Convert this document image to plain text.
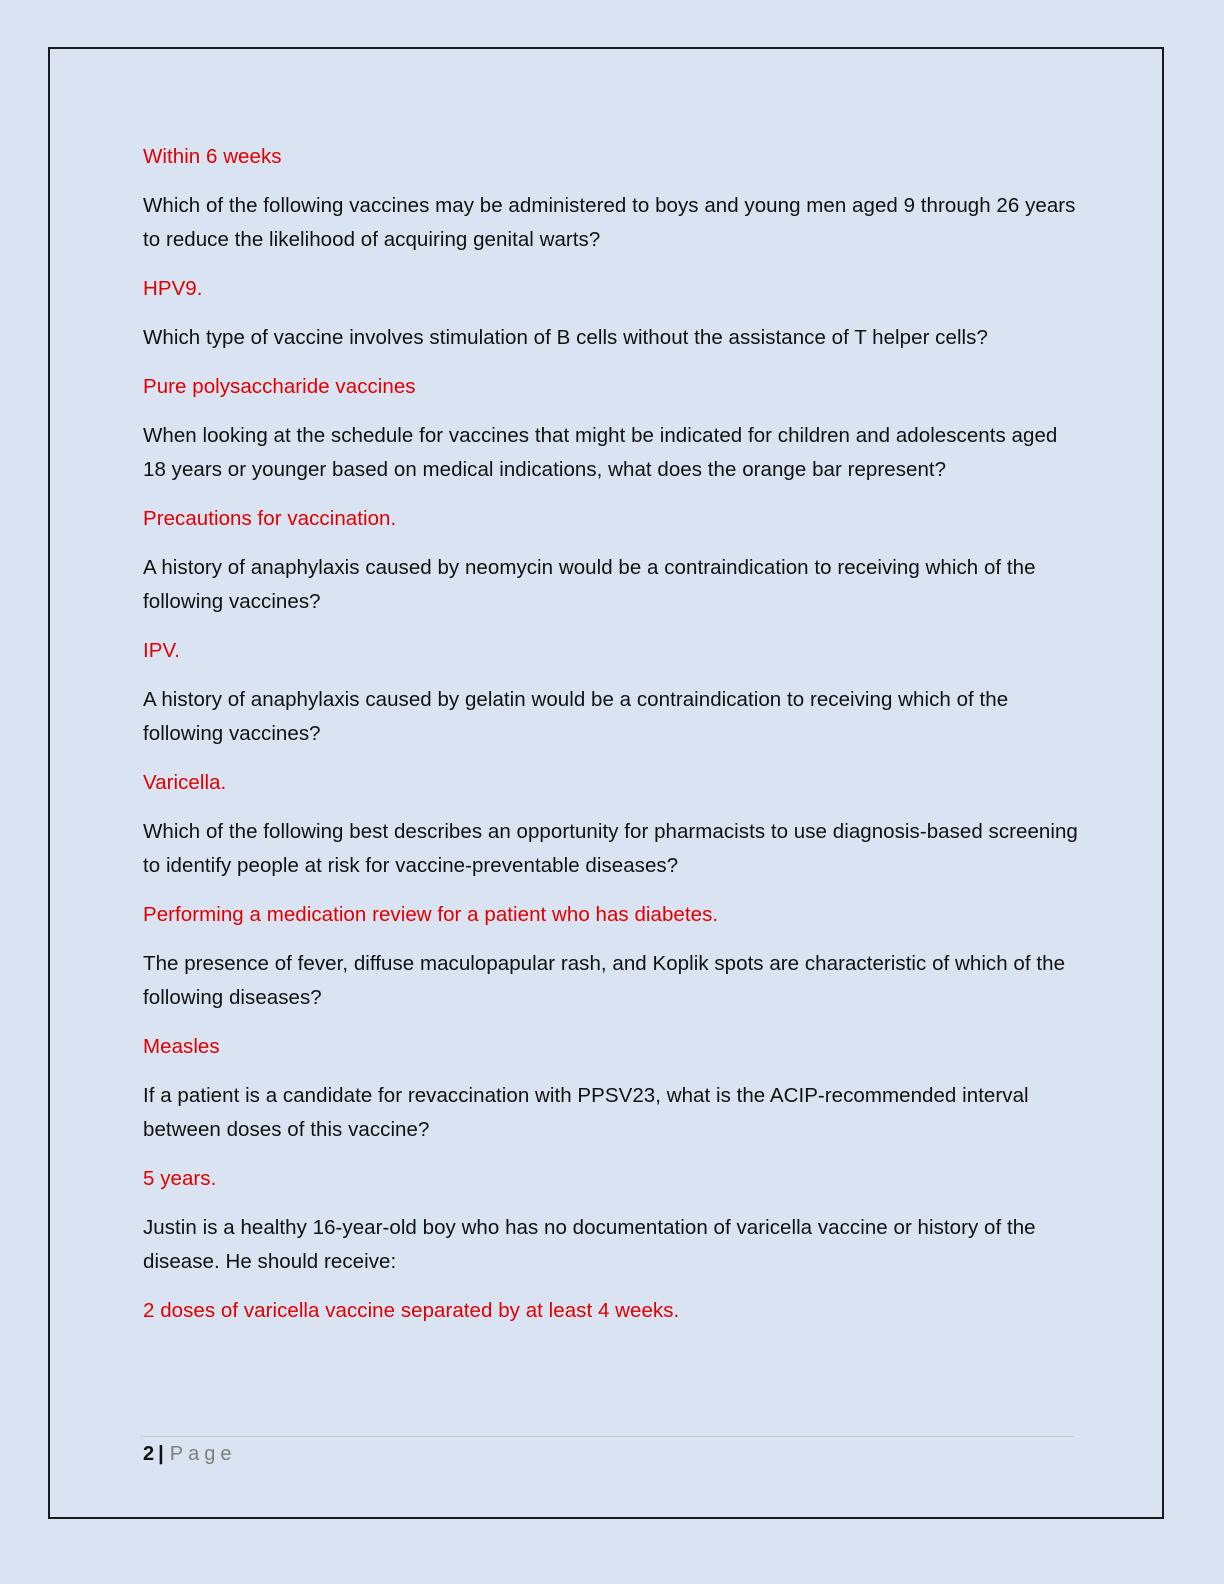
Within 6 weeks

Which of the following vaccines may be administered to boys and young men aged 9 through 26 years to reduce the likelihood of acquiring genital warts?

HPV9.

Which type of vaccine involves stimulation of B cells without the assistance of T helper cells?

Pure polysaccharide vaccines

When looking at the schedule for vaccines that might be indicated for children and adolescents aged 18 years or younger based on medical indications, what does the orange bar represent?

Precautions for vaccination.

A history of anaphylaxis caused by neomycin would be a contraindication to receiving which of the following vaccines?

IPV.

A history of anaphylaxis caused by gelatin would be a contraindication to receiving which of the following vaccines?

Varicella.

Which of the following best describes an opportunity for pharmacists to use diagnosis-based screening to identify people at risk for vaccine-preventable diseases?

Performing a medication review for a patient who has diabetes.

The presence of fever, diffuse maculopapular rash, and Koplik spots are characteristic of which of the following diseases?

Measles

If a patient is a candidate for revaccination with PPSV23, what is the ACIP-recommended interval between doses of this vaccine?

5 years.

Justin is a healthy 16-year-old boy who has no documentation of varicella vaccine or history of the disease. He should receive:

2 doses of varicella vaccine separated by at least 4 weeks.

2 | Page
